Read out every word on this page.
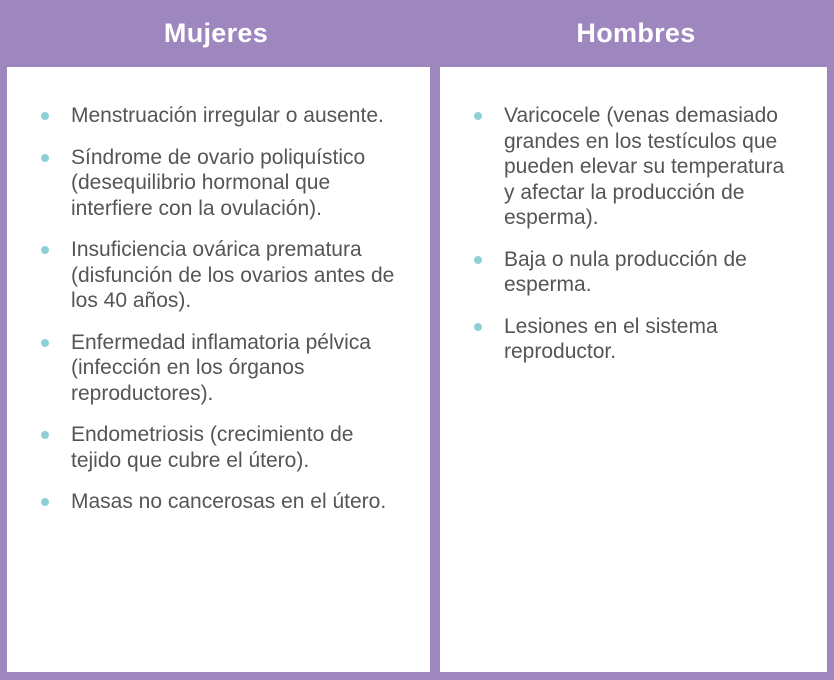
Mujeres
Menstruación irregular o ausente.
Síndrome de ovario poliquístico (desequilibrio hormonal que interfiere con la ovulación).
Insuficiencia ovárica prematura (disfunción de los ovarios antes de los 40 años).
Enfermedad inflamatoria pélvica (infección en los órganos reproductores).
Endometriosis (crecimiento de tejido que cubre el útero).
Masas no cancerosas en el útero.
Hombres
Varicocele (venas demasiado grandes en los testículos que pueden elevar su temperatura y afectar la producción de esperma).
Baja o nula producción de esperma.
Lesiones en el sistema reproductor.
